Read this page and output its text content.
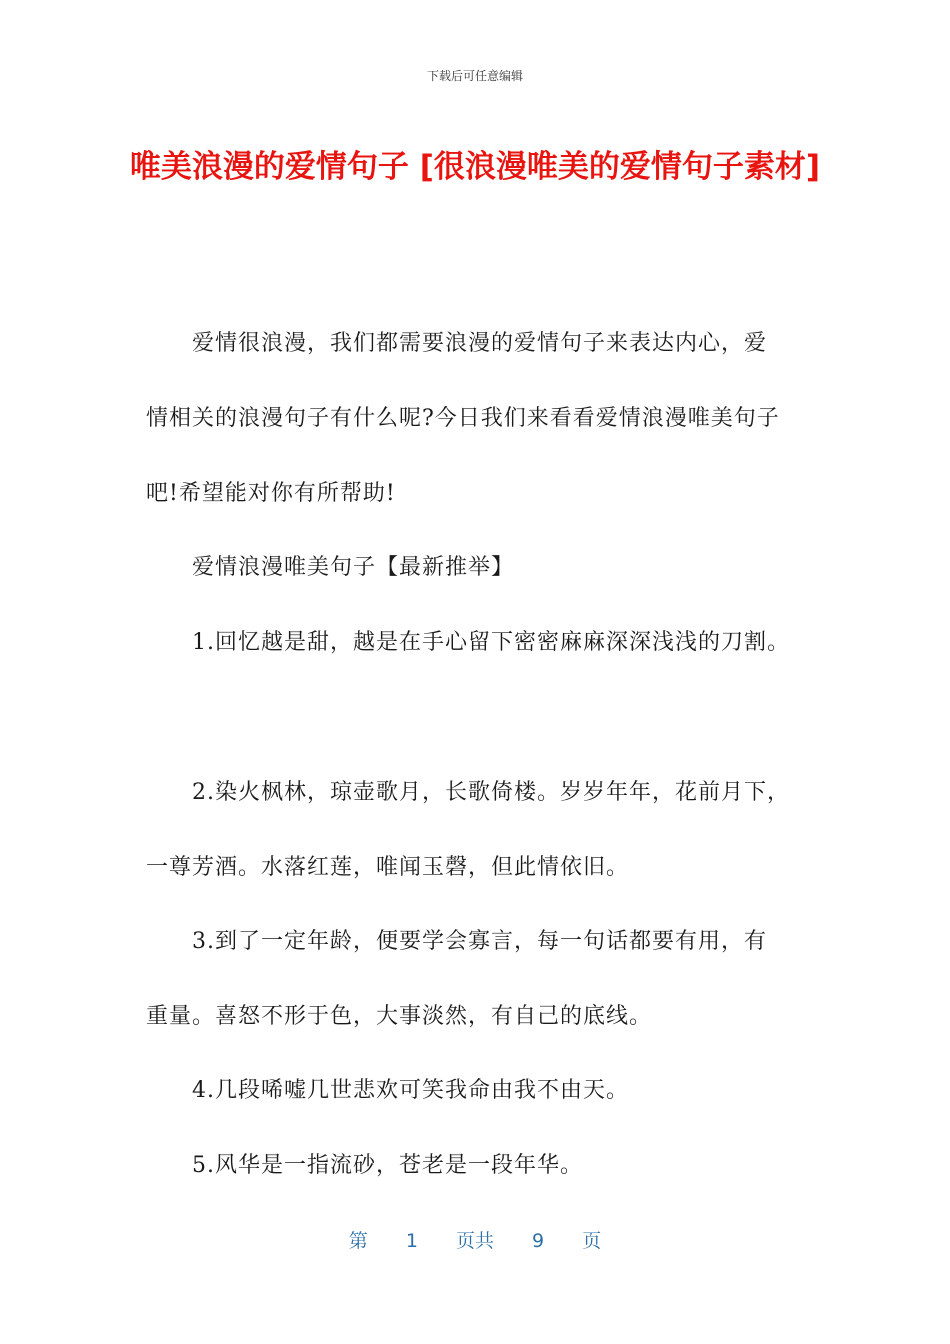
下载后可任意编辑
唯美浪漫的爱情句子 [很浪漫唯美的爱情句子素材]

爱情很浪漫，我们都需要浪漫的爱情句子来表达内心，爱

情相关的浪漫句子有什么呢?今日我们来看看爱情浪漫唯美句子

吧!希望能对你有所帮助!

爱情浪漫唯美句子【最新推举】

1.回忆越是甜，越是在手心留下密密麻麻深深浅浅的刀割。

2.染火枫林，琼壶歌月，长歌倚楼。岁岁年年，花前月下，

一尊芳酒。水落红莲，唯闻玉磬，但此情依旧。

3.到了一定年龄，便要学会寡言，每一句话都要有用，有

重量。喜怒不形于色，大事淡然，有自己的底线。

4.几段唏嘘几世悲欢可笑我命由我不由天。

5.风华是一指流砂，苍老是一段年华。

第 1 页共 9 页
